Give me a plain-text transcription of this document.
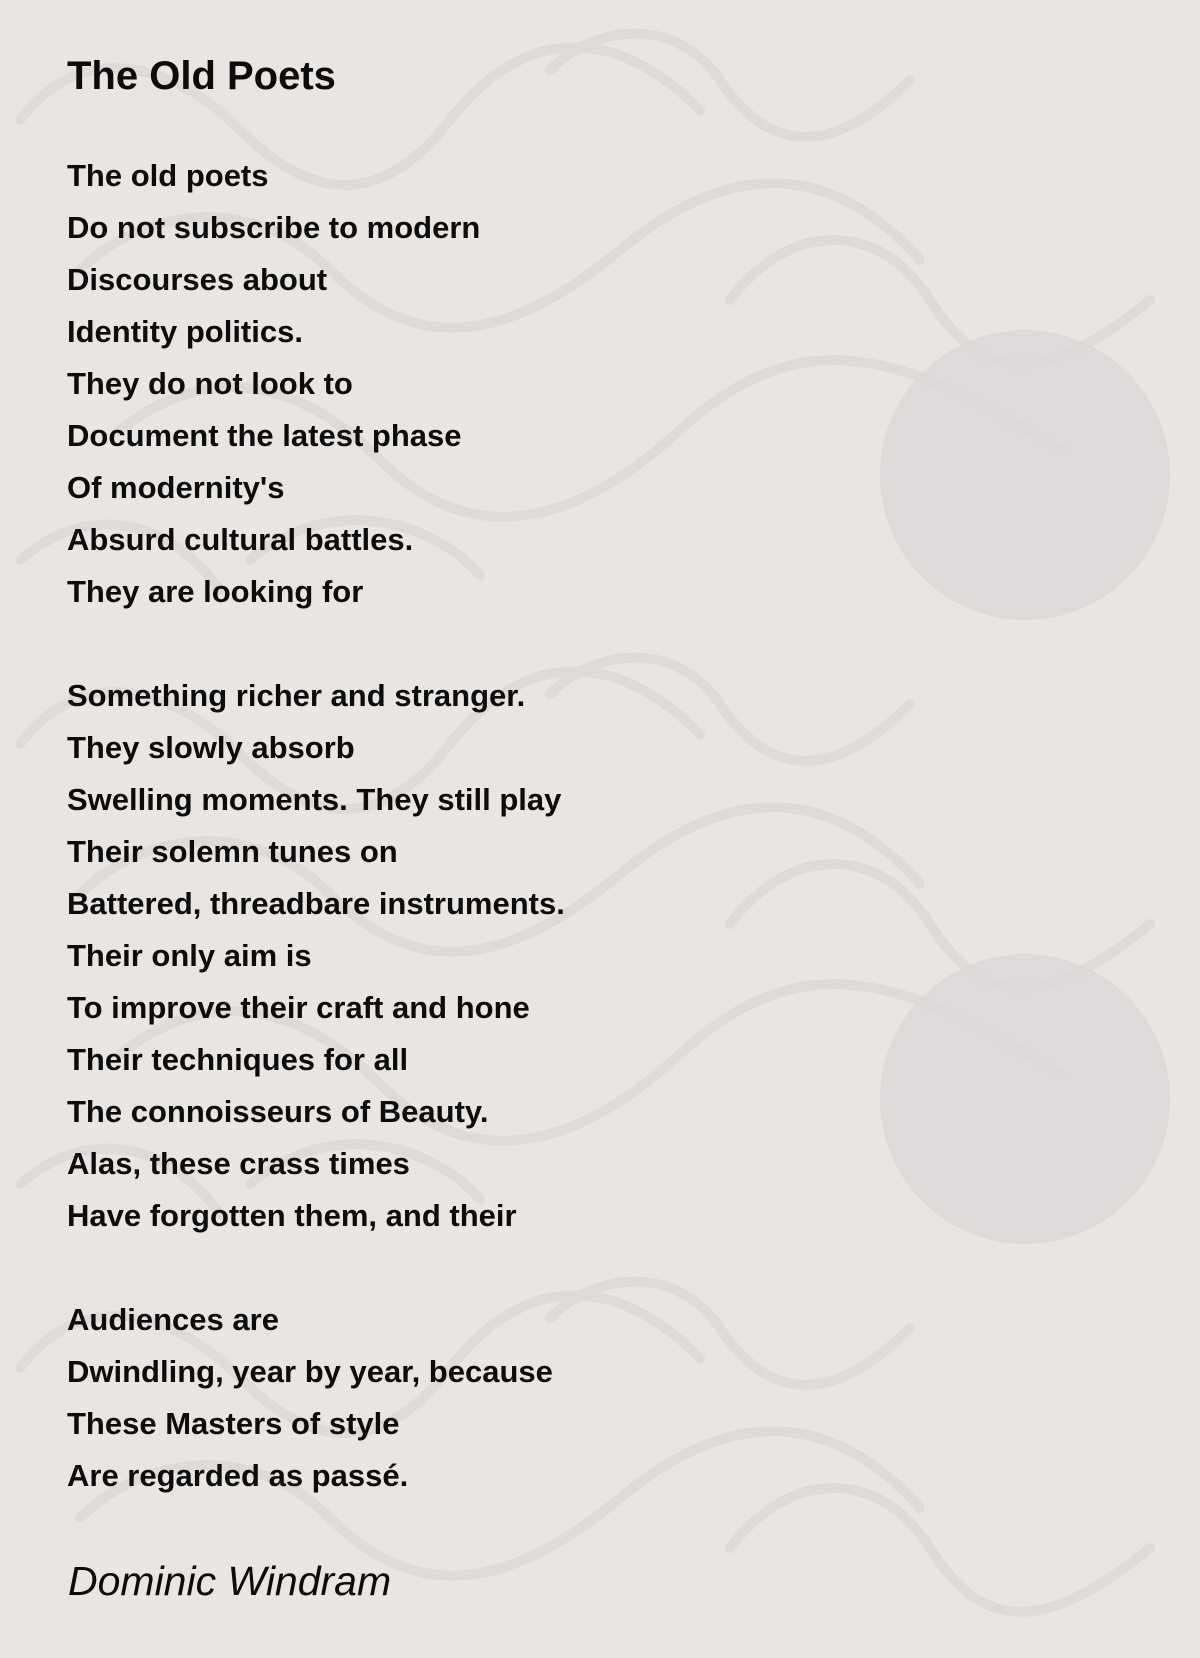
The Old Poets
The old poets
Do not subscribe to modern
Discourses about
Identity politics.
They do not look to
Document the latest phase
Of modernity's
Absurd cultural battles.
They are looking for
Something richer and stranger.
They slowly absorb
Swelling moments. They still play
Their solemn tunes on
Battered, threadbare instruments.
Their only aim is
To improve their craft and hone
Their techniques for all
The connoisseurs of Beauty.
Alas, these crass times
Have forgotten them, and their
Audiences are
Dwindling, year by year, because
These Masters of style
Are regarded as passé.
Dominic Windram
